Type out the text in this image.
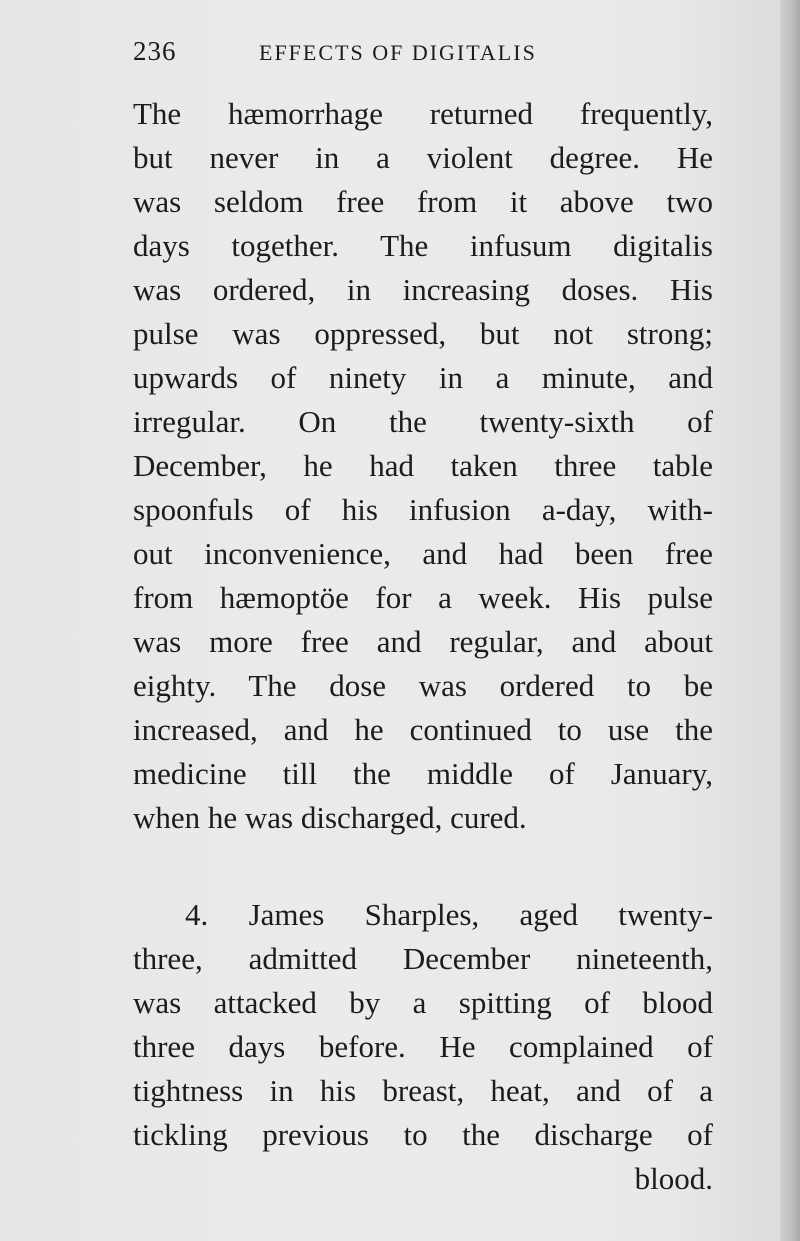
236	EFFECTS OF DIGITALIS
The hæmorrhage returned frequently,
but never in a violent degree. He
was seldom free from it above two
days together. The infusum digitalis
was ordered, in increasing doses. His
pulse was oppressed, but not strong;
upwards of ninety in a minute, and
irregular. On the twenty-sixth of
December, he had taken three table
spoonfuls of his infusion a-day, with-
out inconvenience, and had been free
from hæmoptöe for a week. His pulse
was more free and regular, and about
eighty. The dose was ordered to be
increased, and he continued to use the
medicine till the middle of January,
when he was discharged, cured.
4. James Sharples, aged twenty-
three, admitted December nineteenth,
was attacked by a spitting of blood
three days before. He complained of
tightness in his breast, heat, and of a
tickling previous to the discharge of
blood.
